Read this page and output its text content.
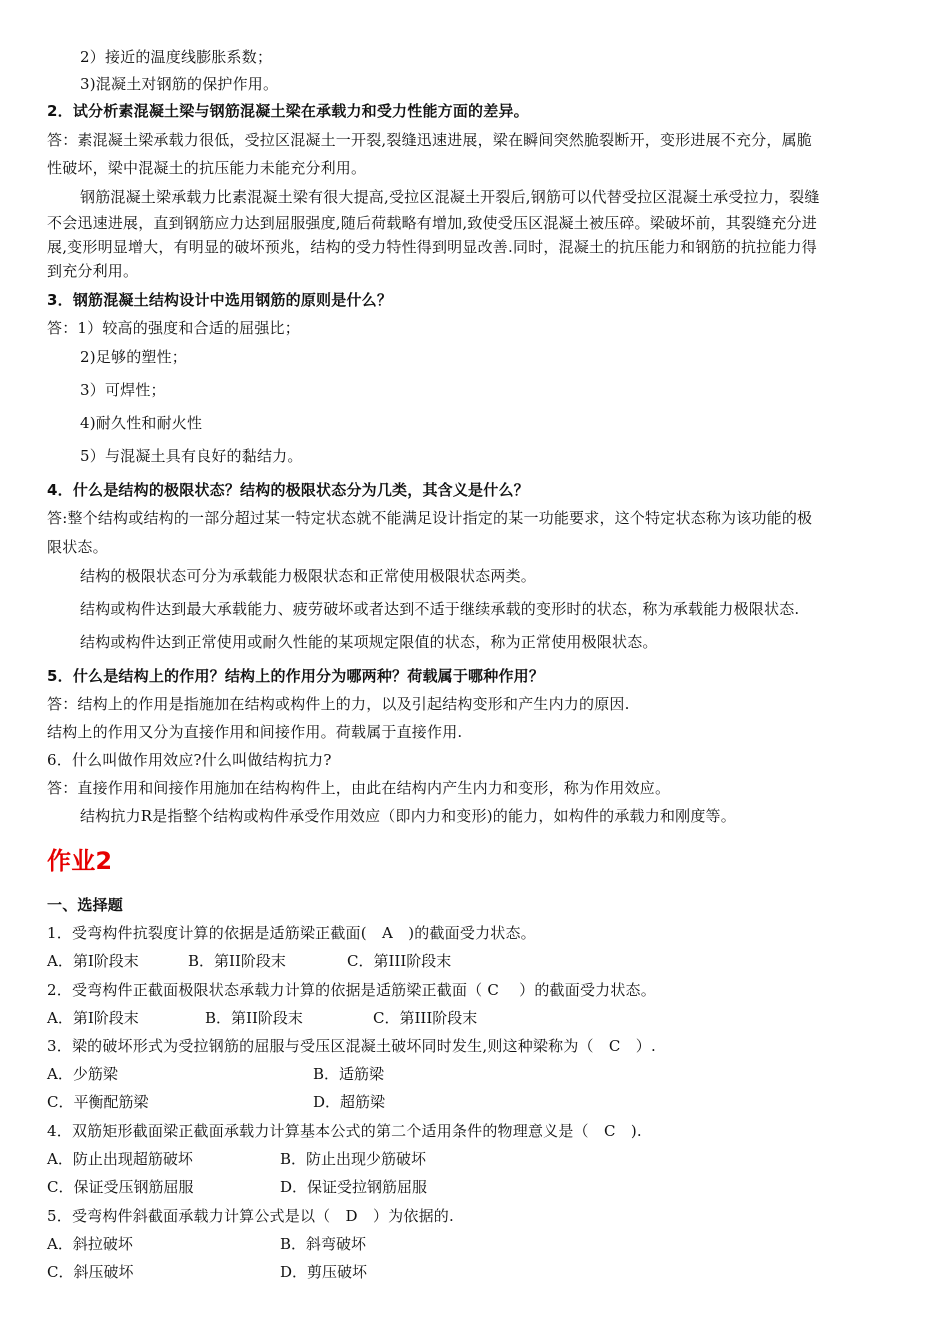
2）接近的温度线膨胀系数；
3)混凝土对钢筋的保护作用。
2．试分析素混凝土梁与钢筋混凝土梁在承载力和受力性能方面的差异。
答：素混凝土梁承载力很低，受拉区混凝土一开裂,裂缝迅速进展，梁在瞬间突然脆裂断开，变形进展不充分，属脆
性破坏，梁中混凝土的抗压能力未能充分利用。
钢筋混凝土梁承载力比素混凝土梁有很大提高,受拉区混凝土开裂后,钢筋可以代替受拉区混凝土承受拉力，裂缝
不会迅速进展，直到钢筋应力达到屈服强度,随后荷载略有增加,致使受压区混凝土被压碎。梁破坏前，其裂缝充分进
展,变形明显增大，有明显的破坏预兆，结构的受力特性得到明显改善.同时，混凝土的抗压能力和钢筋的抗拉能力得
到充分利用。
3．钢筋混凝土结构设计中选用钢筋的原则是什么？
答：1）较高的强度和合适的屈强比；
2)足够的塑性；
3）可焊性；
4)耐久性和耐火性
5）与混凝土具有良好的黏结力。
4．什么是结构的极限状态？结构的极限状态分为几类，其含义是什么？
答:整个结构或结构的一部分超过某一特定状态就不能满足设计指定的某一功能要求，这个特定状态称为该功能的极
限状态。
结构的极限状态可分为承载能力极限状态和正常使用极限状态两类。
结构或构件达到最大承载能力、疲劳破坏或者达到不适于继续承载的变形时的状态，称为承载能力极限状态.
结构或构件达到正常使用或耐久性能的某项规定限值的状态，称为正常使用极限状态。
5．什么是结构上的作用？结构上的作用分为哪两种？荷载属于哪种作用？
答：结构上的作用是指施加在结构或构件上的力，以及引起结构变形和产生内力的原因.
结构上的作用又分为直接作用和间接作用。荷载属于直接作用.
6．什么叫做作用效应?什么叫做结构抗力?
答：直接作用和间接作用施加在结构构件上，由此在结构内产生内力和变形，称为作用效应。
结构抗力R是指整个结构或构件承受作用效应（即内力和变形)的能力，如构件的承载力和刚度等。
作业2
一、选择题
1．受弯构件抗裂度计算的依据是适筋梁正截面(　A　)的截面受力状态。
A．第I阶段末	B．第II阶段末	C．第III阶段末
2．受弯构件正截面极限状态承载力计算的依据是适筋梁正截面（ C　 ）的截面受力状态。
A．第I阶段末	B．第II阶段末	C．第III阶段末
3．梁的破坏形式为受拉钢筋的屈服与受压区混凝土破坏同时发生,则这种梁称为（　C　）.
A．少筋梁	B．适筋梁
C．平衡配筋梁	D．超筋梁
4．双筋矩形截面梁正截面承载力计算基本公式的第二个适用条件的物理意义是（　C　).
A．防止出现超筋破坏	B．防止出现少筋破坏
C．保证受压钢筋屈服	D．保证受拉钢筋屈服
5．受弯构件斜截面承载力计算公式是以（　D　）为依据的.
A．斜拉破坏	B．斜弯破坏
C．斜压破坏	D．剪压破坏
